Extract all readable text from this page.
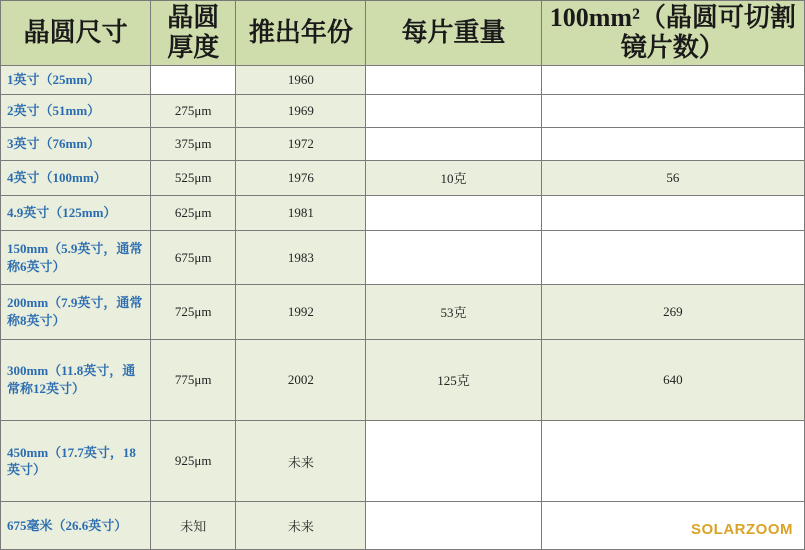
晶圆尺寸	晶圆厚度	推出年份	每片重量	100mm²（晶圆可切割镜片数）
1英寸（25mm）		1960		
2英寸（51mm）	275μm	1969		
3英寸（76mm）	375μm	1972		
4英寸（100mm）	525μm	1976	10克	56
4.9英寸（125mm）	625μm	1981		
150mm（5.9英寸，通常称6英寸）	675μm	1983		
200mm（7.9英寸，通常称8英寸）	725μm	1992	53克	269
300mm（11.8英寸，通常称12英寸）	775μm	2002	125克	640
450mm（17.7英寸，18英寸）	925μm	未来		
675毫米（26.6英寸）	未知	未来			SOLARZOOM
